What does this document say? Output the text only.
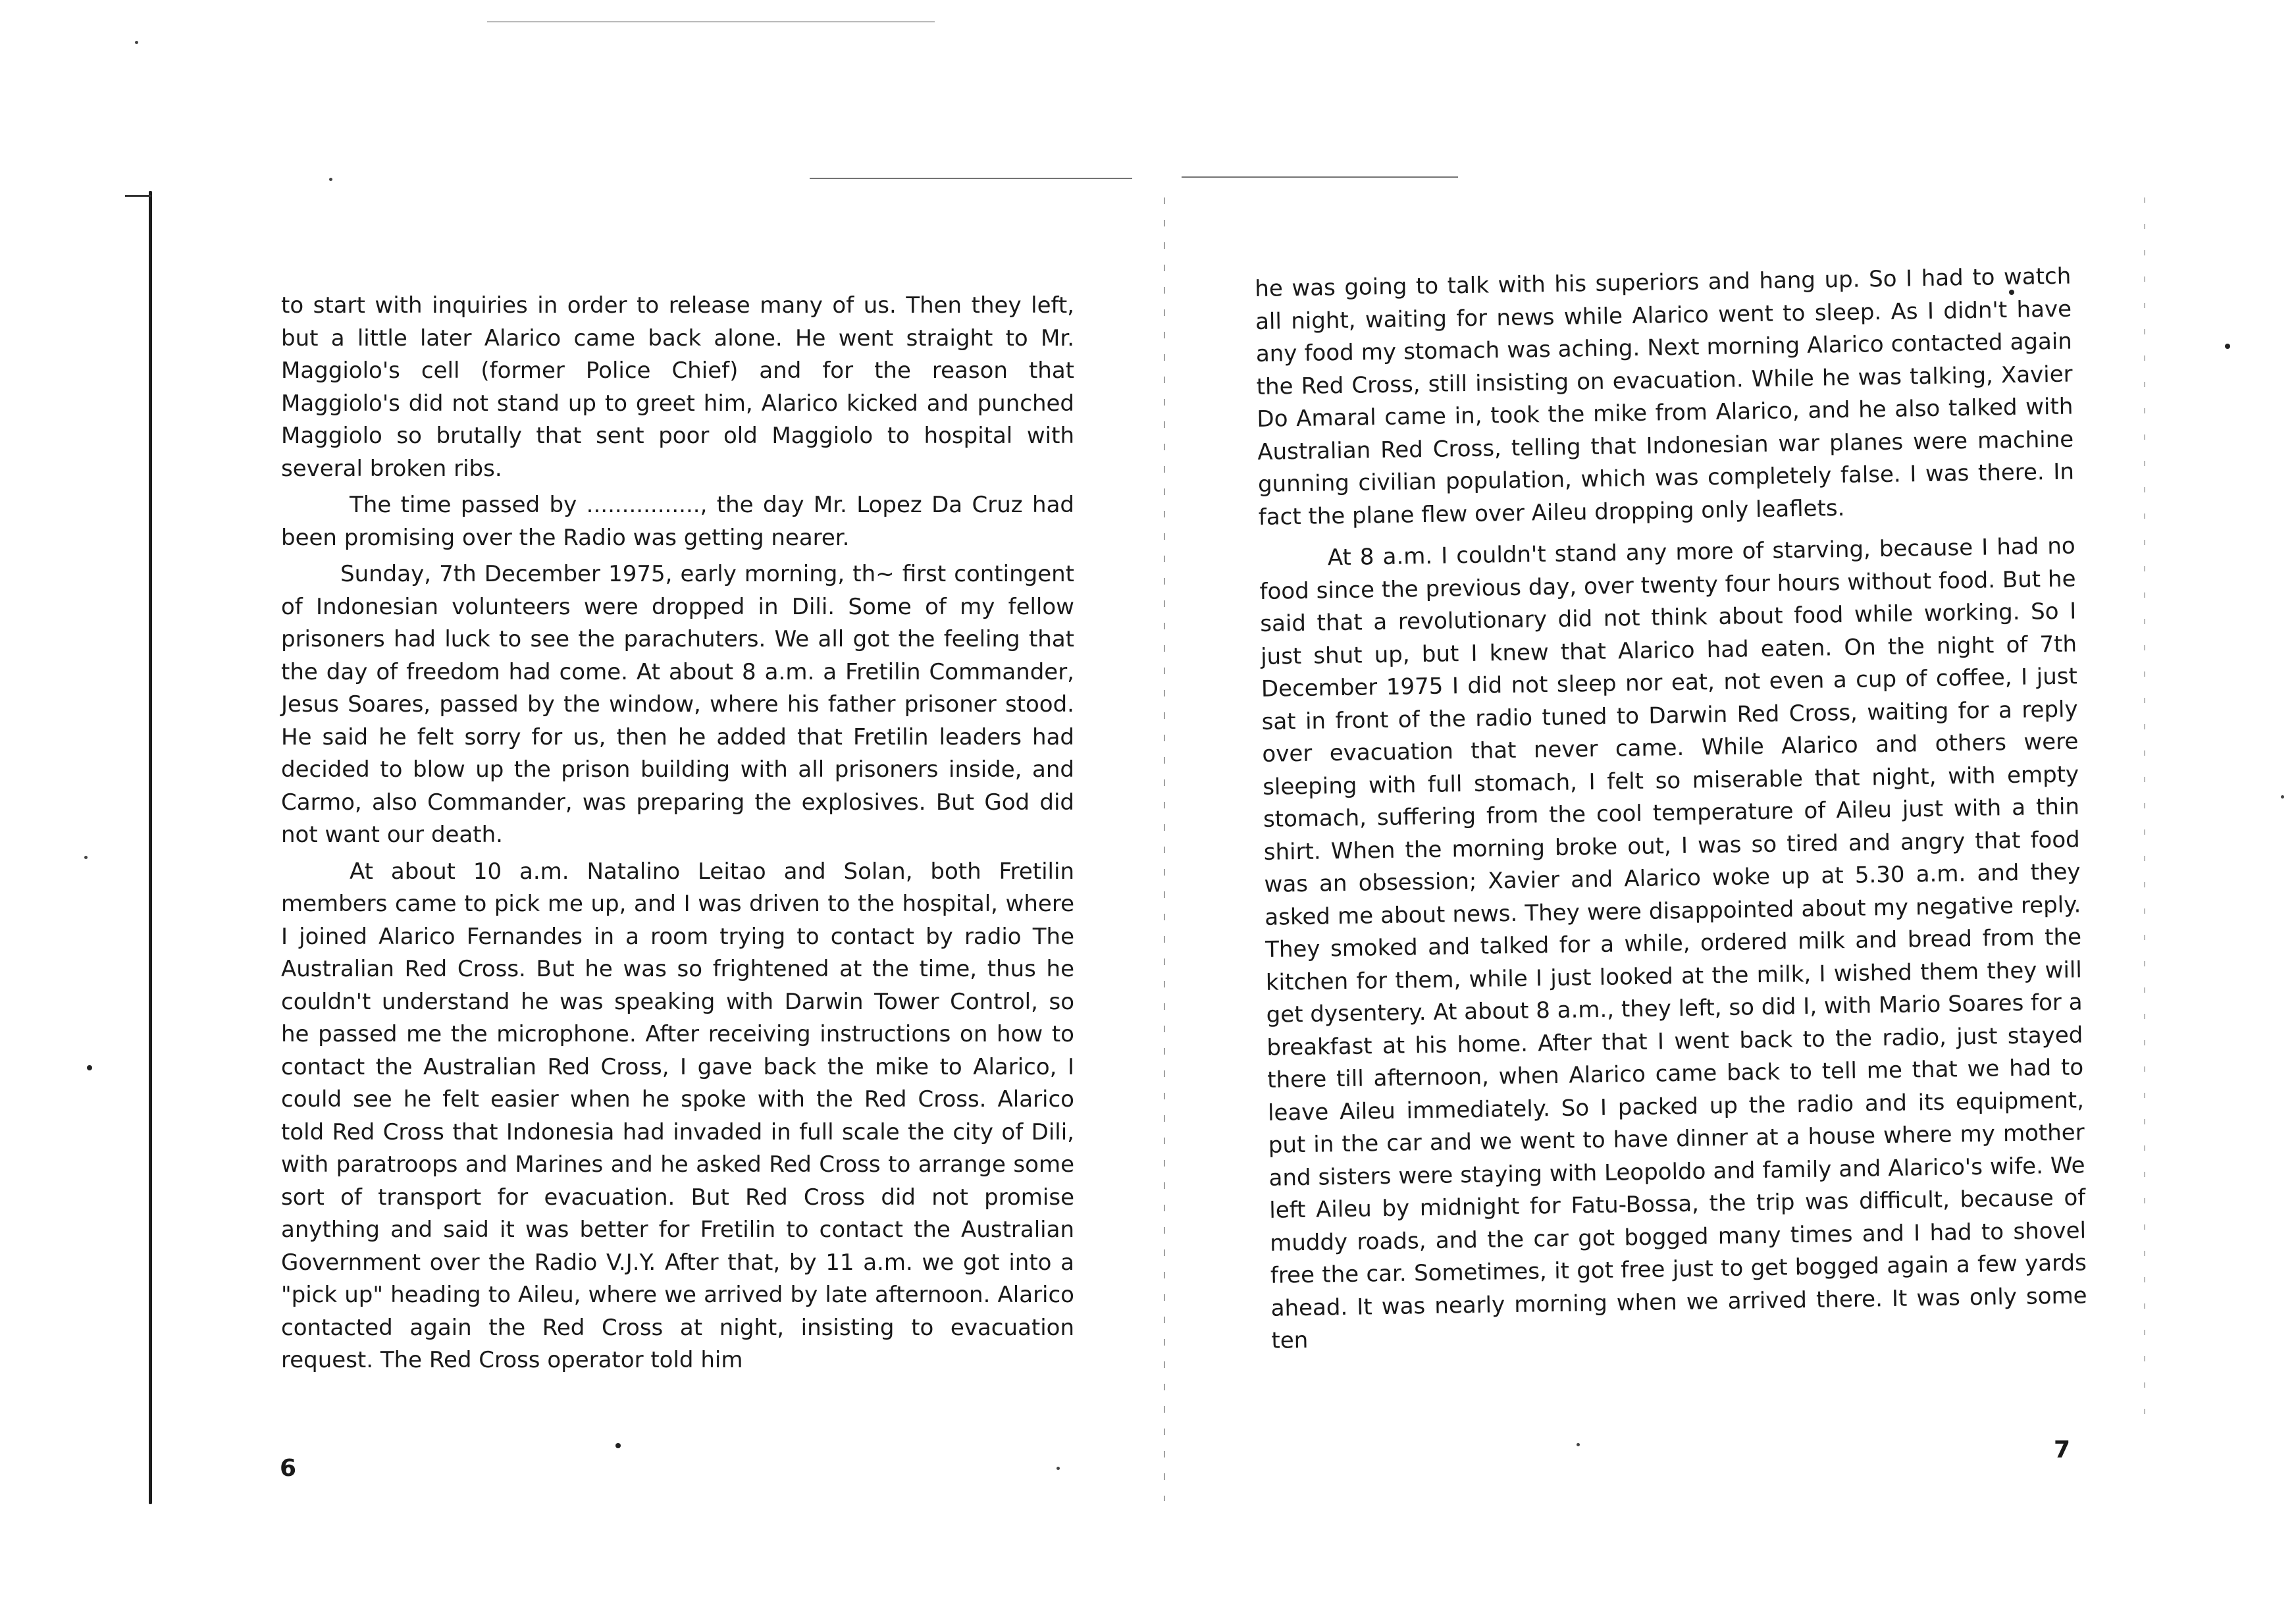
to start with inquiries in order to release many of us. Then they left, but a little later Alarico came back alone. He went straight to Mr. Maggiolo's cell (former Police Chief) and for the reason that Maggiolo's did not stand up to greet him, Alarico kicked and punched Maggiolo so brutally that sent poor old Maggiolo to hospital with several broken ribs.

The time passed by ................, the day Mr. Lopez Da Cruz had been promising over the Radio was getting nearer.

Sunday, 7th December 1975, early morning, th~ first contingent of Indonesian volunteers were dropped in Dili. Some of my fellow prisoners had luck to see the parachuters. We all got the feeling that the day of freedom had come. At about 8 a.m. a Fretilin Commander, Jesus Soares, passed by the window, where his father prisoner stood. He said he felt sorry for us, then he added that Fretilin leaders had decided to blow up the prison building with all prisoners inside, and Carmo, also Commander, was preparing the explosives. But God did not want our death.

At about 10 a.m. Natalino Leitao and Solan, both Fretilin members came to pick me up, and I was driven to the hospital, where I joined Alarico Fernandes in a room trying to contact by radio The Australian Red Cross. But he was so frightened at the time, thus he couldn't understand he was speaking with Darwin Tower Control, so he passed me the microphone. After receiving instructions on how to contact the Australian Red Cross, I gave back the mike to Alarico, I could see he felt easier when he spoke with the Red Cross. Alarico told Red Cross that Indonesia had invaded in full scale the city of Dili, with paratroops and Marines and he asked Red Cross to arrange some sort of transport for evacuation. But Red Cross did not promise anything and said it was better for Fretilin to contact the Australian Government over the Radio V.J.Y. After that, by 11 a.m. we got into a "pick up" heading to Aileu, where we arrived by late afternoon. Alarico contacted again the Red Cross at night, insisting to evacuation request. The Red Cross operator told him

6

he was going to talk with his superiors and hang up. So I had to watch all night, waiting for news while Alarico went to sleep. As I didn't have any food my stomach was aching. Next morning Alarico contacted again the Red Cross, still insisting on evacuation. While he was talking, Xavier Do Amaral came in, took the mike from Alarico, and he also talked with Australian Red Cross, telling that Indonesian war planes were machine gunning civilian population, which was completely false. I was there. In fact the plane flew over Aileu dropping only leaflets.

At 8 a.m. I couldn't stand any more of starving, because I had no food since the previous day, over twenty four hours without food. But he said that a revolutionary did not think about food while working. So I just shut up, but I knew that Alarico had eaten. On the night of 7th December 1975 I did not sleep nor eat, not even a cup of coffee, I just sat in front of the radio tuned to Darwin Red Cross, waiting for a reply over evacuation that never came. While Alarico and others were sleeping with full stomach, I felt so miserable that night, with empty stomach, suffering from the cool temperature of Aileu just with a thin shirt. When the morning broke out, I was so tired and angry that food was an obsession; Xavier and Alarico woke up at 5.30 a.m. and they asked me about news. They were disappointed about my negative reply. They smoked and talked for a while, ordered milk and bread from the kitchen for them, while I just looked at the milk, I wished them they will get dysentery. At about 8 a.m., they left, so did I, with Mario Soares for a breakfast at his home. After that I went back to the radio, just stayed there till afternoon, when Alarico came back to tell me that we had to leave Aileu immediately. So I packed up the radio and its equipment, put in the car and we went to have dinner at a house where my mother and sisters were staying with Leopoldo and family and Alarico's wife. We left Aileu by midnight for Fatu-Bossa, the trip was difficult, because of muddy roads, and the car got bogged many times and I had to shovel free the car. Sometimes, it got free just to get bogged again a few yards ahead. It was nearly morning when we arrived there. It was only some ten

7
